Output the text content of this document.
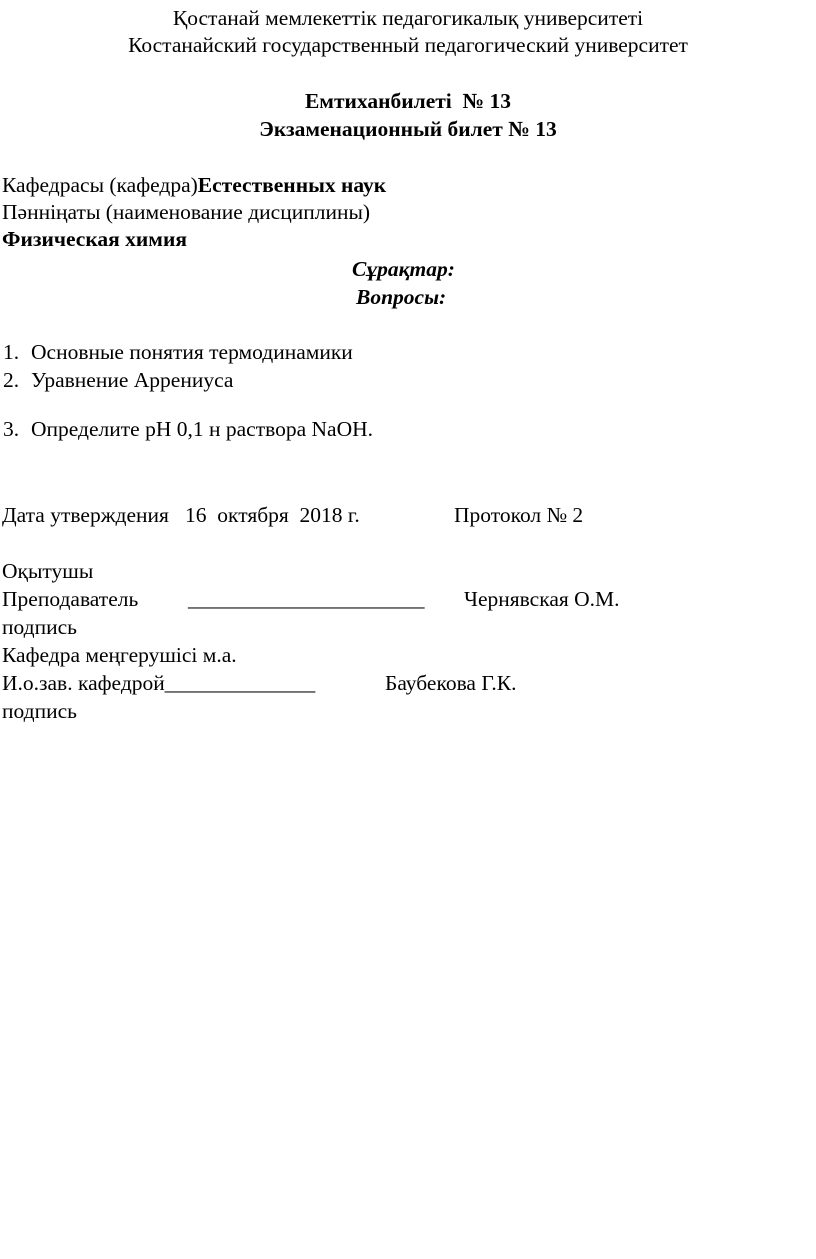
Қостанай мемлекеттік педагогикалық университеті
Костанайский государственный педагогический университет
Емтиханбилеті  № 13
Экзаменационный билет № 13
Кафедрасы (кафедра)Естественных наук
Пәнніңаты (наименование дисциплины)
Физическая химия
Сұрақтар:
Вопросы:
1. Основные понятия термодинамики
2. Уравнение Аррениуса
3. Определите pH 0,1 н раствора NaOH.
Дата утверждения   16  октября  2018 г.	Протокол № 2
Оқытушы
Преподаватель ______________________ Чернявская О.М.
подпись
Кафедра меңгерушісі м.а.
И.о.зав. кафедрой______________	Баубекова Г.К.
подпись
